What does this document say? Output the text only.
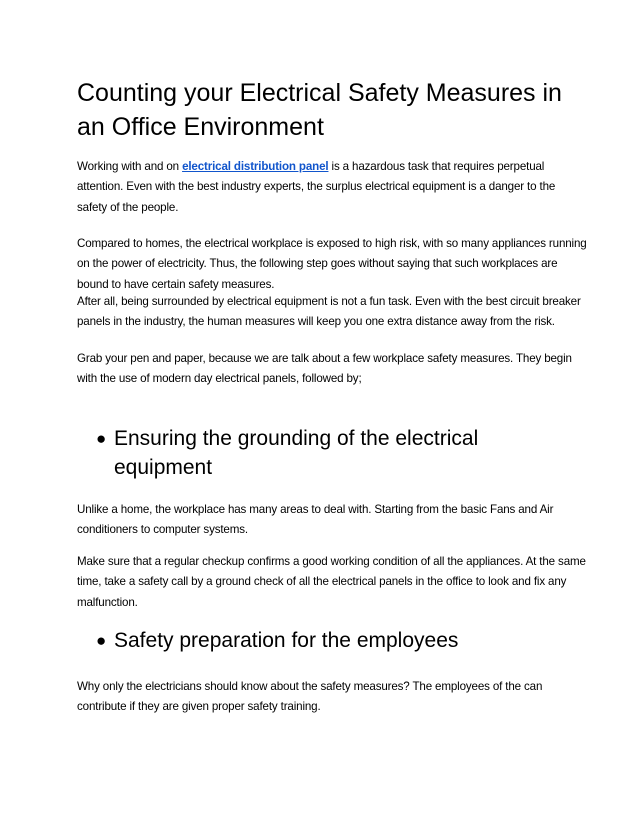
Counting your Electrical Safety Measures in an Office Environment

Working with and on electrical distribution panel is a hazardous task that requires perpetual attention. Even with the best industry experts, the surplus electrical equipment is a danger to the safety of the people.

Compared to homes, the electrical workplace is exposed to high risk, with so many appliances running on the power of electricity. Thus, the following step goes without saying that such workplaces are bound to have certain safety measures.

After all, being surrounded by electrical equipment is not a fun task. Even with the best circuit breaker panels in the industry, the human measures will keep you one extra distance away from the risk.

Grab your pen and paper, because we are talk about a few workplace safety measures. They begin with the use of modern day electrical panels, followed by;

● Ensuring the grounding of the electrical equipment

Unlike a home, the workplace has many areas to deal with. Starting from the basic Fans and Air conditioners to computer systems.

Make sure that a regular checkup confirms a good working condition of all the appliances. At the same time, take a safety call by a ground check of all the electrical panels in the office to look and fix any malfunction.

● Safety preparation for the employees

Why only the electricians should know about the safety measures? The employees of the can contribute if they are given proper safety training.
